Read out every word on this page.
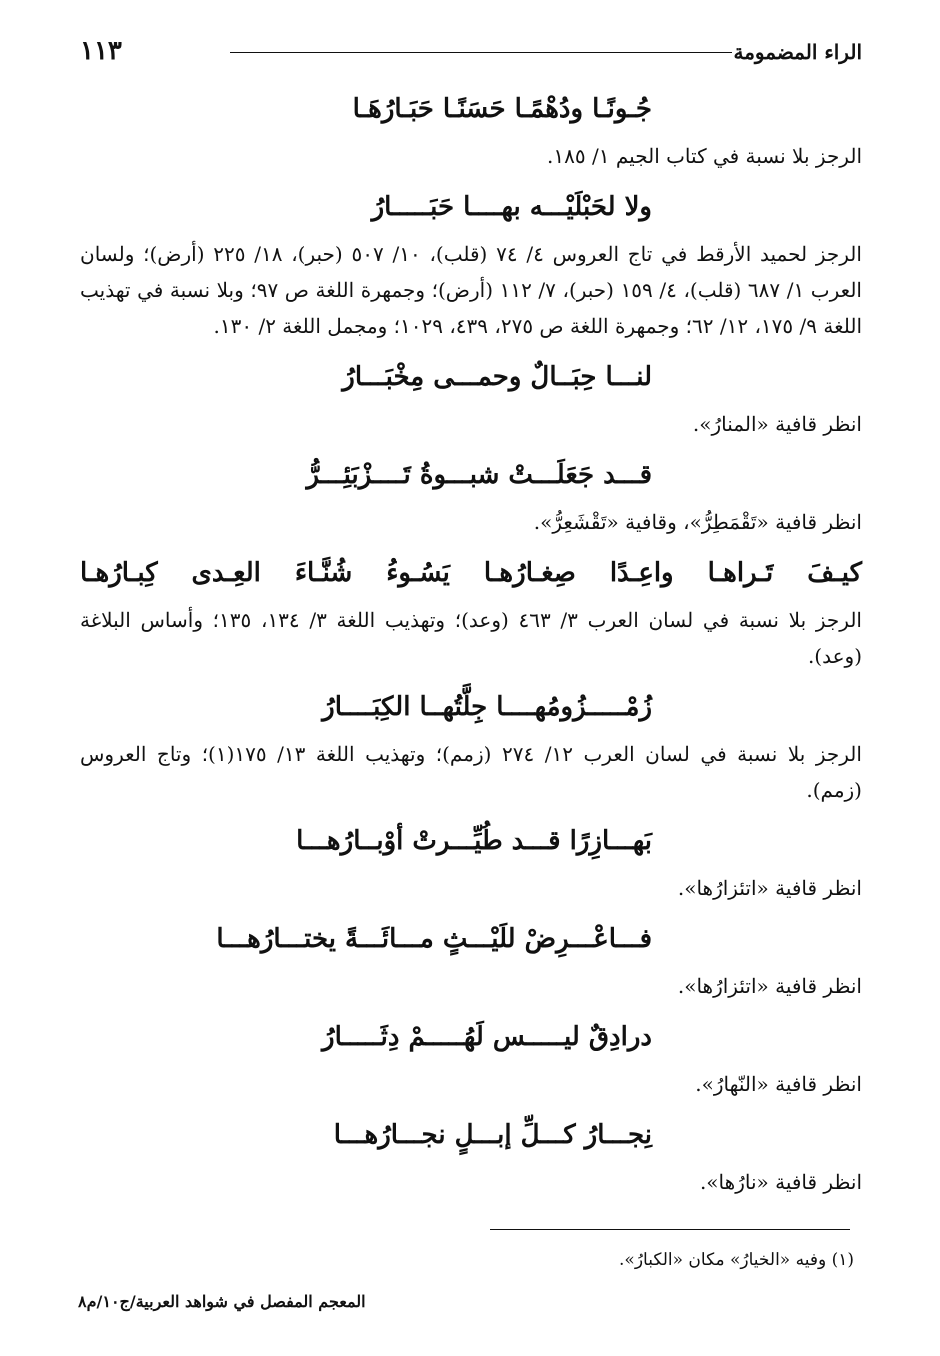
الراء المضمومة
١١٣

جُـونًـا ودُهْمًـا حَسَنًـا حَبَـارُهَـا

الرجز بلا نسبة في كتاب الجيم ١/ ١٨٥.

ولا لحَبْلَيْـــه بهــــا حَبَـــــارُ

الرجز لحميد الأرقط في تاج العروس ٤/ ٧٤ (قلب)، ١٠/ ٥٠٧ (حبر)، ١٨/ ٢٢٥ (أرض)؛ ولسان العرب ١/ ٦٨٧ (قلب)، ٤/ ١٥٩ (حبر)، ٧/ ١١٢ (أرض)؛ وجمهرة اللغة ص ٩٧؛ وبلا نسبة في تهذيب اللغة ٩/ ١٧٥، ١٢/ ٦٢؛ وجمهرة اللغة ص ٢٧٥، ٤٣٩، ١٠٢٩؛ ومجمل اللغة ٢/ ١٣٠.

لنـــا حِبَــالٌ وحمـــى مِخْبَـــارُ

انظر قافية «المنارُ».

قـــد جَعَلَـــتْ شبـــوةُ تَــــزْبَئِـــرُّ

انظر قافية «تَقْمَطِرُّ»، وقافية «تَقْشَعِرُّ».

كيـفَ تَـراهـا واعِـدًا صِغـارُهـا يَسُـوءُ شُنَّـاءَ العِـدى كِبـارُهـا

الرجز بلا نسبة في لسان العرب ٣/ ٤٦٣ (وعد)؛ وتهذيب اللغة ٣/ ١٣٤، ١٣٥؛ وأساس البلاغة (وعد).

زُمْـــــزُومُهــــا جِلَّتُهــا الكِبَــــارُ

الرجز بلا نسبة في لسان العرب ١٢/ ٢٧٤ (زمم)؛ وتهذيب اللغة ١٣/ ١٧٥(١)؛ وتاج العروس (زمم).

بَهـــازِرًا قـــد طُيِّـــرتْ أوْبــارُهـــا

انظر قافية «اتئزارُها».

فـــاعْـــرِضْ للَيْـــثٍ مـــائَـــةً يختـــارُهـــا

انظر قافية «اتئزارُها».

درادِقٌ ليـــــس لَهُـــــمْ دِثَـــــارُ

انظر قافية «النّهارُ».

نِجـــارُ كـــلِّ إبـــلٍ نجـــارُهـــا

انظر قافية «نارُها».

(١) وفيه «الخيارُ» مكان «الكبارُ».
المعجم المفصل في شواهد العربية/ج١٠/م٨
